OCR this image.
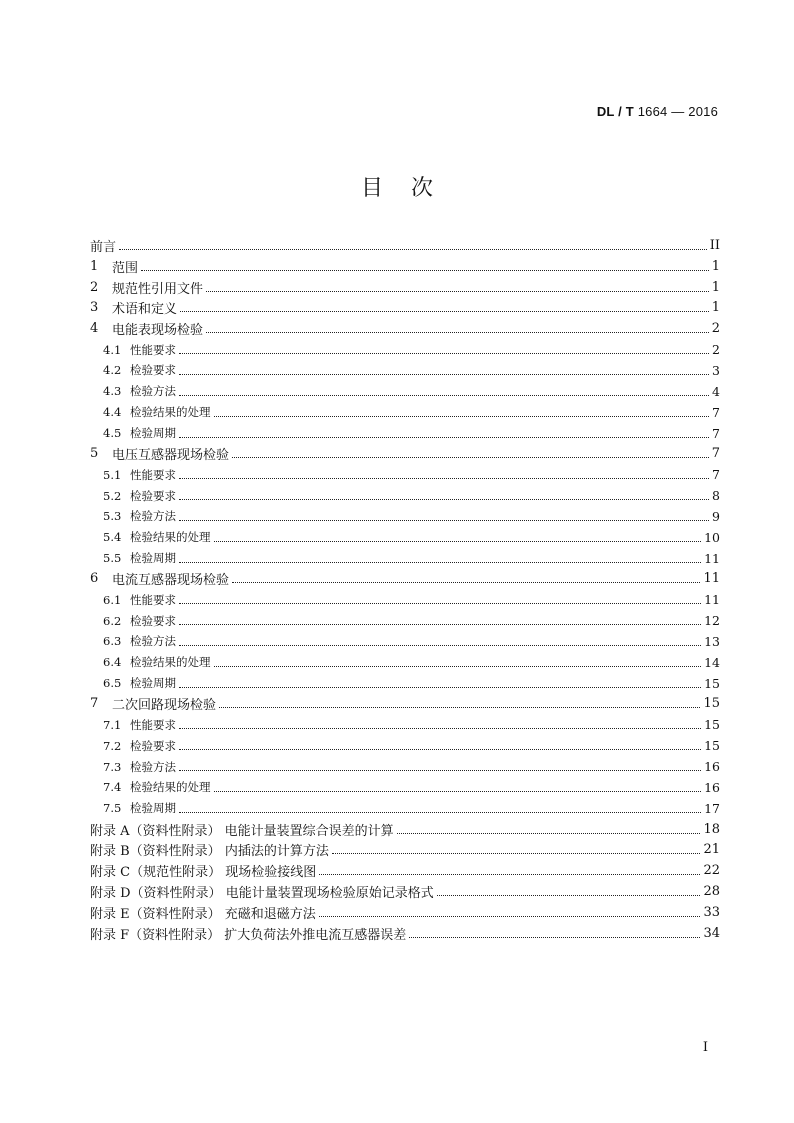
DL / T 1664 — 2016
目次
前言	II
1	范围	1
2	规范性引用文件	1
3	术语和定义	1
4	电能表现场检验	2
4.1 性能要求	2
4.2 检验要求	3
4.3 检验方法	4
4.4 检验结果的处理	7
4.5 检验周期	7
5	电压互感器现场检验	7
5.1 性能要求	7
5.2 检验要求	8
5.3 检验方法	9
5.4 检验结果的处理	10
5.5 检验周期	11
6	电流互感器现场检验	11
6.1 性能要求	11
6.2 检验要求	12
6.3 检验方法	13
6.4 检验结果的处理	14
6.5 检验周期	15
7	二次回路现场检验	15
7.1 性能要求	15
7.2 检验要求	15
7.3 检验方法	16
7.4 检验结果的处理	16
7.5 检验周期	17
附录 A（资料性附录） 电能计量装置综合误差的计算	18
附录 B（资料性附录） 内插法的计算方法	21
附录 C（规范性附录） 现场检验接线图	22
附录 D（资料性附录） 电能计量装置现场检验原始记录格式	28
附录 E（资料性附录） 充磁和退磁方法	33
附录 F（资料性附录） 扩大负荷法外推电流互感器误差	34
I
